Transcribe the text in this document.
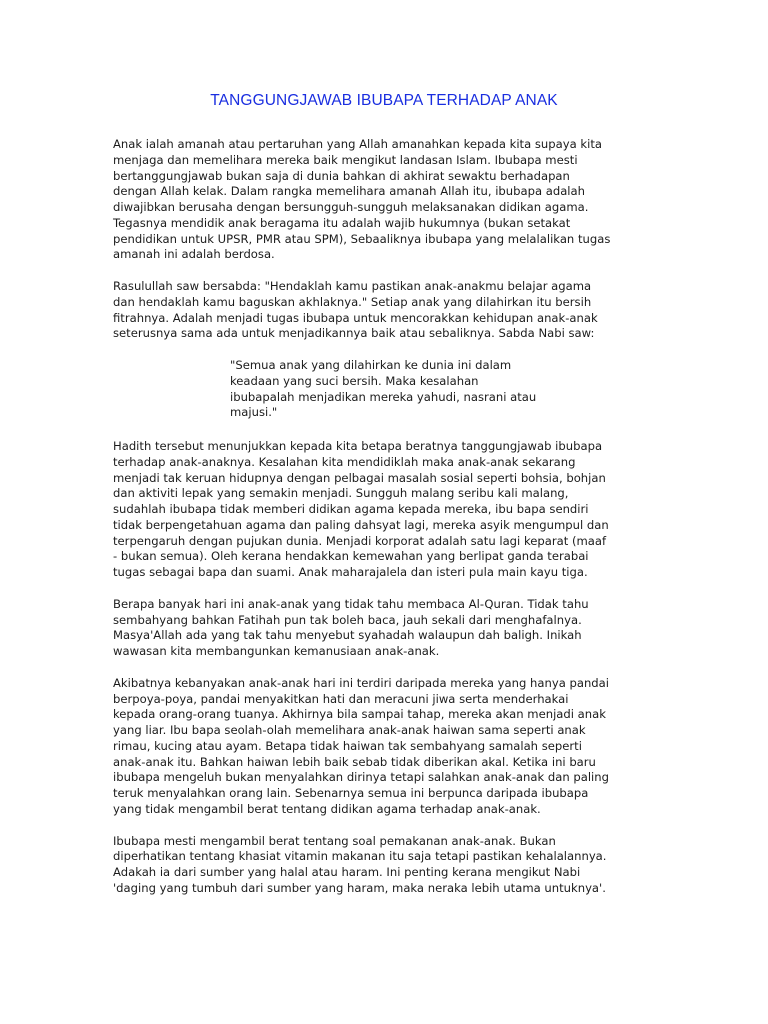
TANGGUNGJAWAB IBUBAPA TERHADAP ANAK

Anak ialah amanah atau pertaruhan yang Allah amanahkan kepada kita supaya kita
menjaga dan memelihara mereka baik mengikut landasan Islam. Ibubapa mesti
bertanggungjawab bukan saja di dunia bahkan di akhirat sewaktu berhadapan
dengan Allah kelak. Dalam rangka memelihara amanah Allah itu, ibubapa adalah
diwajibkan berusaha dengan bersungguh-sungguh melaksanakan didikan agama.
Tegasnya mendidik anak beragama itu adalah wajib hukumnya (bukan setakat
pendidikan untuk UPSR, PMR atau SPM), Sebaaliknya ibubapa yang melalalikan tugas
amanah ini adalah berdosa.

Rasulullah saw bersabda: "Hendaklah kamu pastikan anak-anakmu belajar agama
dan hendaklah kamu baguskan akhlaknya." Setiap anak yang dilahirkan itu bersih
fitrahnya. Adalah menjadi tugas ibubapa untuk mencorakkan kehidupan anak-anak
seterusnya sama ada untuk menjadikannya baik atau sebaliknya. Sabda Nabi saw:

"Semua anak yang dilahirkan ke dunia ini dalam
keadaan yang suci bersih. Maka kesalahan
ibubapalah menjadikan mereka yahudi, nasrani atau
majusi."

Hadith tersebut menunjukkan kepada kita betapa beratnya tanggungjawab ibubapa
terhadap anak-anaknya. Kesalahan kita mendidiklah maka anak-anak sekarang
menjadi tak keruan hidupnya dengan pelbagai masalah sosial seperti bohsia, bohjan
dan aktiviti lepak yang semakin menjadi. Sungguh malang seribu kali malang,
sudahlah ibubapa tidak memberi didikan agama kepada mereka, ibu bapa sendiri
tidak berpengetahuan agama dan paling dahsyat lagi, mereka asyik mengumpul dan
terpengaruh dengan pujukan dunia. Menjadi korporat adalah satu lagi keparat (maaf
- bukan semua). Oleh kerana hendakkan kemewahan yang berlipat ganda terabai
tugas sebagai bapa dan suami. Anak maharajalela dan isteri pula main kayu tiga.

Berapa banyak hari ini anak-anak yang tidak tahu membaca Al-Quran. Tidak tahu
sembahyang bahkan Fatihah pun tak boleh baca, jauh sekali dari menghafalnya.
Masya'Allah ada yang tak tahu menyebut syahadah walaupun dah baligh. Inikah
wawasan kita membangunkan kemanusiaan anak-anak.

Akibatnya kebanyakan anak-anak hari ini terdiri daripada mereka yang hanya pandai
berpoya-poya, pandai menyakitkan hati dan meracuni jiwa serta menderhakai
kepada orang-orang tuanya. Akhirnya bila sampai tahap, mereka akan menjadi anak
yang liar. Ibu bapa seolah-olah memelihara anak-anak haiwan sama seperti anak
rimau, kucing atau ayam. Betapa tidak haiwan tak sembahyang samalah seperti
anak-anak itu. Bahkan haiwan lebih baik sebab tidak diberikan akal. Ketika ini baru
ibubapa mengeluh bukan menyalahkan dirinya tetapi salahkan anak-anak dan paling
teruk menyalahkan orang lain. Sebenarnya semua ini berpunca daripada ibubapa
yang tidak mengambil berat tentang didikan agama terhadap anak-anak.

Ibubapa mesti mengambil berat tentang soal pemakanan anak-anak. Bukan
diperhatikan tentang khasiat vitamin makanan itu saja tetapi pastikan kehalalannya.
Adakah ia dari sumber yang halal atau haram. Ini penting kerana mengikut Nabi
'daging yang tumbuh dari sumber yang haram, maka neraka lebih utama untuknya'.
